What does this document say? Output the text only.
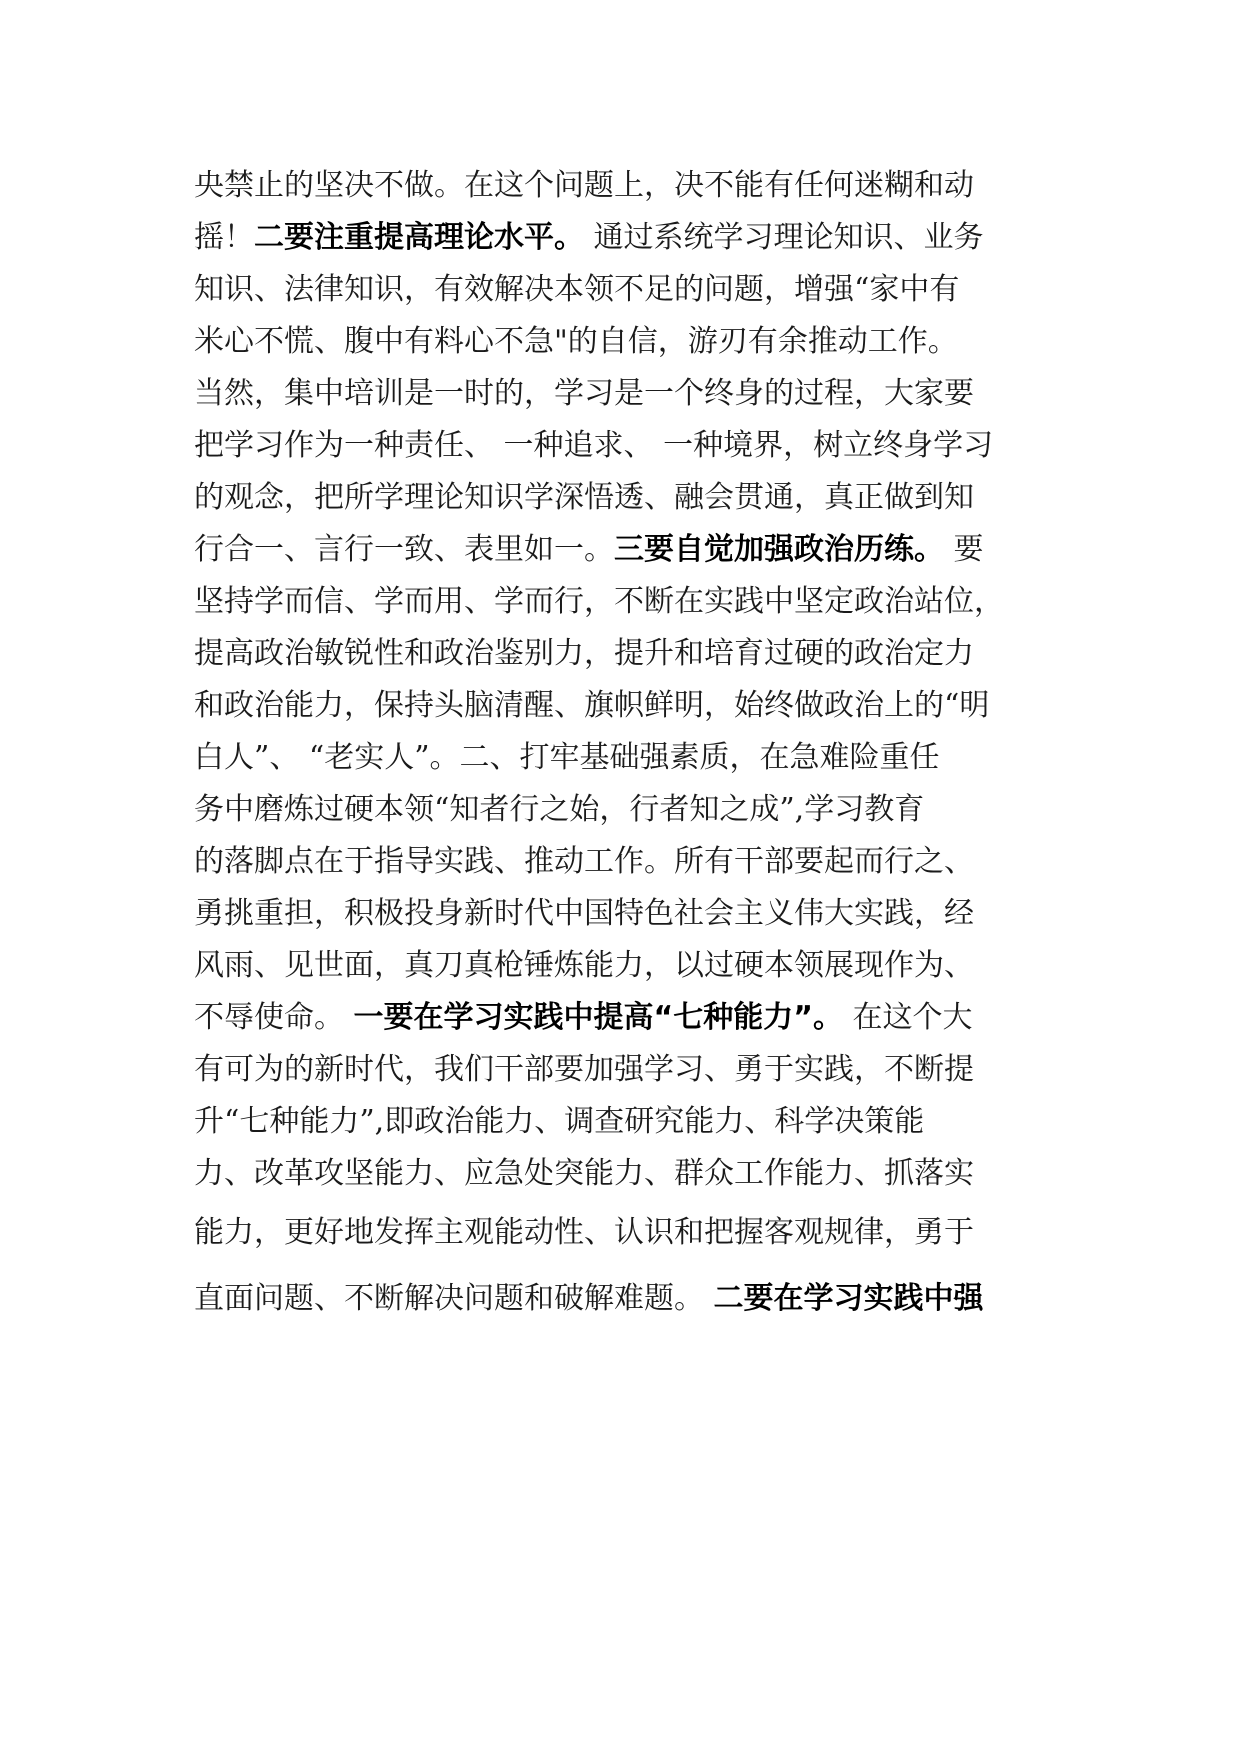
央禁止的坚决不做。在这个问题上，决不能有任何迷糊和动
摇！二要注重提高理论水平。 通过系统学习理论知识、业务
知识、法律知识，有效解决本领不足的问题，增强“家中有
米心不慌、腹中有料心不急"的自信，游刃有余推动工作。
当然，集中培训是一时的，学习是一个终身的过程，大家要
把学习作为一种责任、 一种追求、 一种境界，树立终身学习
的观念，把所学理论知识学深悟透、融会贯通，真正做到知
行合一、言行一致、表里如一。三要自觉加强政治历练。 要
坚持学而信、学而用、学而行，不断在实践中坚定政治站位，
提高政治敏锐性和政治鉴别力，提升和培育过硬的政治定力
和政治能力，保持头脑清醒、旗帜鲜明，始终做政治上的“明
白人”、 “老实人”。二、打牢基础强素质，在急难险重任
务中磨炼过硬本领“知者行之始，行者知之成”,学习教育
的落脚点在于指导实践、推动工作。所有干部要起而行之、
勇挑重担，积极投身新时代中国特色社会主义伟大实践，经
风雨、见世面，真刀真枪锤炼能力，以过硬本领展现作为、
不辱使命。 一要在学习实践中提高“七种能力”。 在这个大
有可为的新时代，我们干部要加强学习、勇于实践，不断提
升“七种能力”,即政治能力、调查研究能力、科学决策能
力、改革攻坚能力、应急处突能力、群众工作能力、抓落实
能力，更好地发挥主观能动性、认识和把握客观规律，勇于
直面问题、不断解决问题和破解难题。 二要在学习实践中强
